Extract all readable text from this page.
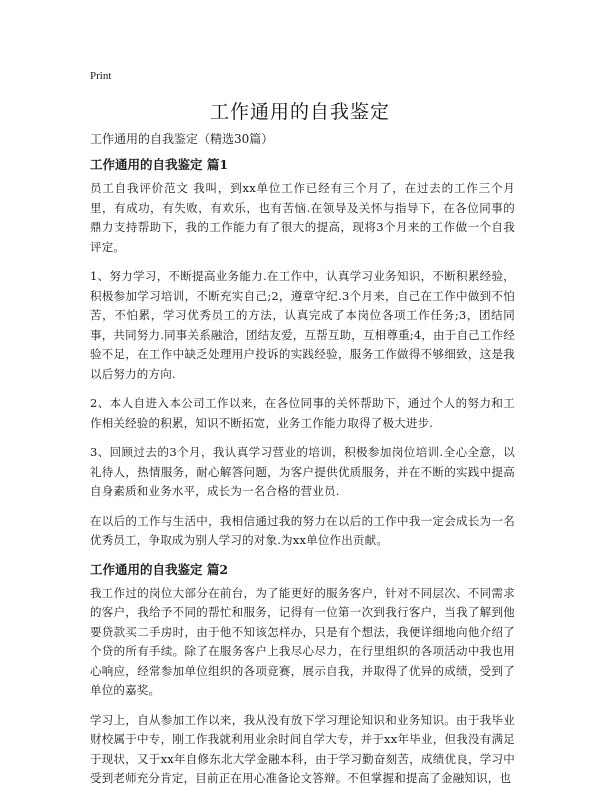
Print
工作通用的自我鉴定

工作通用的自我鉴定（精选30篇）

工作通用的自我鉴定 篇1

员工自我评价范文 我叫，到xx单位工作已经有三个月了，在过去的工作三个月里，有成功，有失败，有欢乐，也有苦恼.在领导及关怀与指导下，在各位同事的鼎力支持帮助下，我的工作能力有了很大的提高，现将3个月来的工作做一个自我评定。

1、努力学习，不断提高业务能力.在工作中，认真学习业务知识，不断积累经验，积极参加学习培训，不断充实自己;2，遵章守纪.3个月来，自己在工作中做到不怕苦，不怕累，学习优秀员工的方法，认真完成了本岗位各项工作任务;3，团结同事，共同努力.同事关系融洽，团结友爱，互帮互助，互相尊重;4，由于自己工作经验不足，在工作中缺乏处理用户投诉的实践经验，服务工作做得不够细致，这是我以后努力的方向.

2、本人自进入本公司工作以来，在各位同事的关怀帮助下，通过个人的努力和工作相关经验的积累，知识不断拓宽，业务工作能力取得了极大进步.

3、回顾过去的3个月，我认真学习营业的培训，积极参加岗位培训.全心全意，以礼待人，热情服务，耐心解答问题，为客户提供优质服务，并在不断的实践中提高自身素质和业务水平，成长为一名合格的营业员.

在以后的工作与生活中，我相信通过我的努力在以后的工作中我一定会成长为一名优秀员工，争取成为别人学习的对象.为xx单位作出贡献。

工作通用的自我鉴定 篇2

我工作过的岗位大部分在前台，为了能更好的服务客户，针对不同层次、不同需求的客户，我给予不同的帮忙和服务，记得有一位第一次到我行客户，当我了解到他要贷款买二手房时，由于他不知该怎样办，只是有个想法，我便详细地向他介绍了个贷的所有手续。除了在服务客户上我尽心尽力，在行里组织的各项活动中我也用心响应，经常参加单位组织的各项竞赛，展示自我，并取得了优异的成绩，受到了单位的嘉奖。

学习上，自从参加工作以来，我从没有放下学习理论知识和业务知识。由于我毕业财校属于中专，刚工作我就利用业余时间自学大专，并于xx年毕业，但我没有满足于现状，又于xx年自修东北大学金融本科，由于学习勤奋刻苦，成绩优良，学习中受到老师充分肯定，目前正在用心准备论文答辩。不但掌握和提高了金融知识，也
